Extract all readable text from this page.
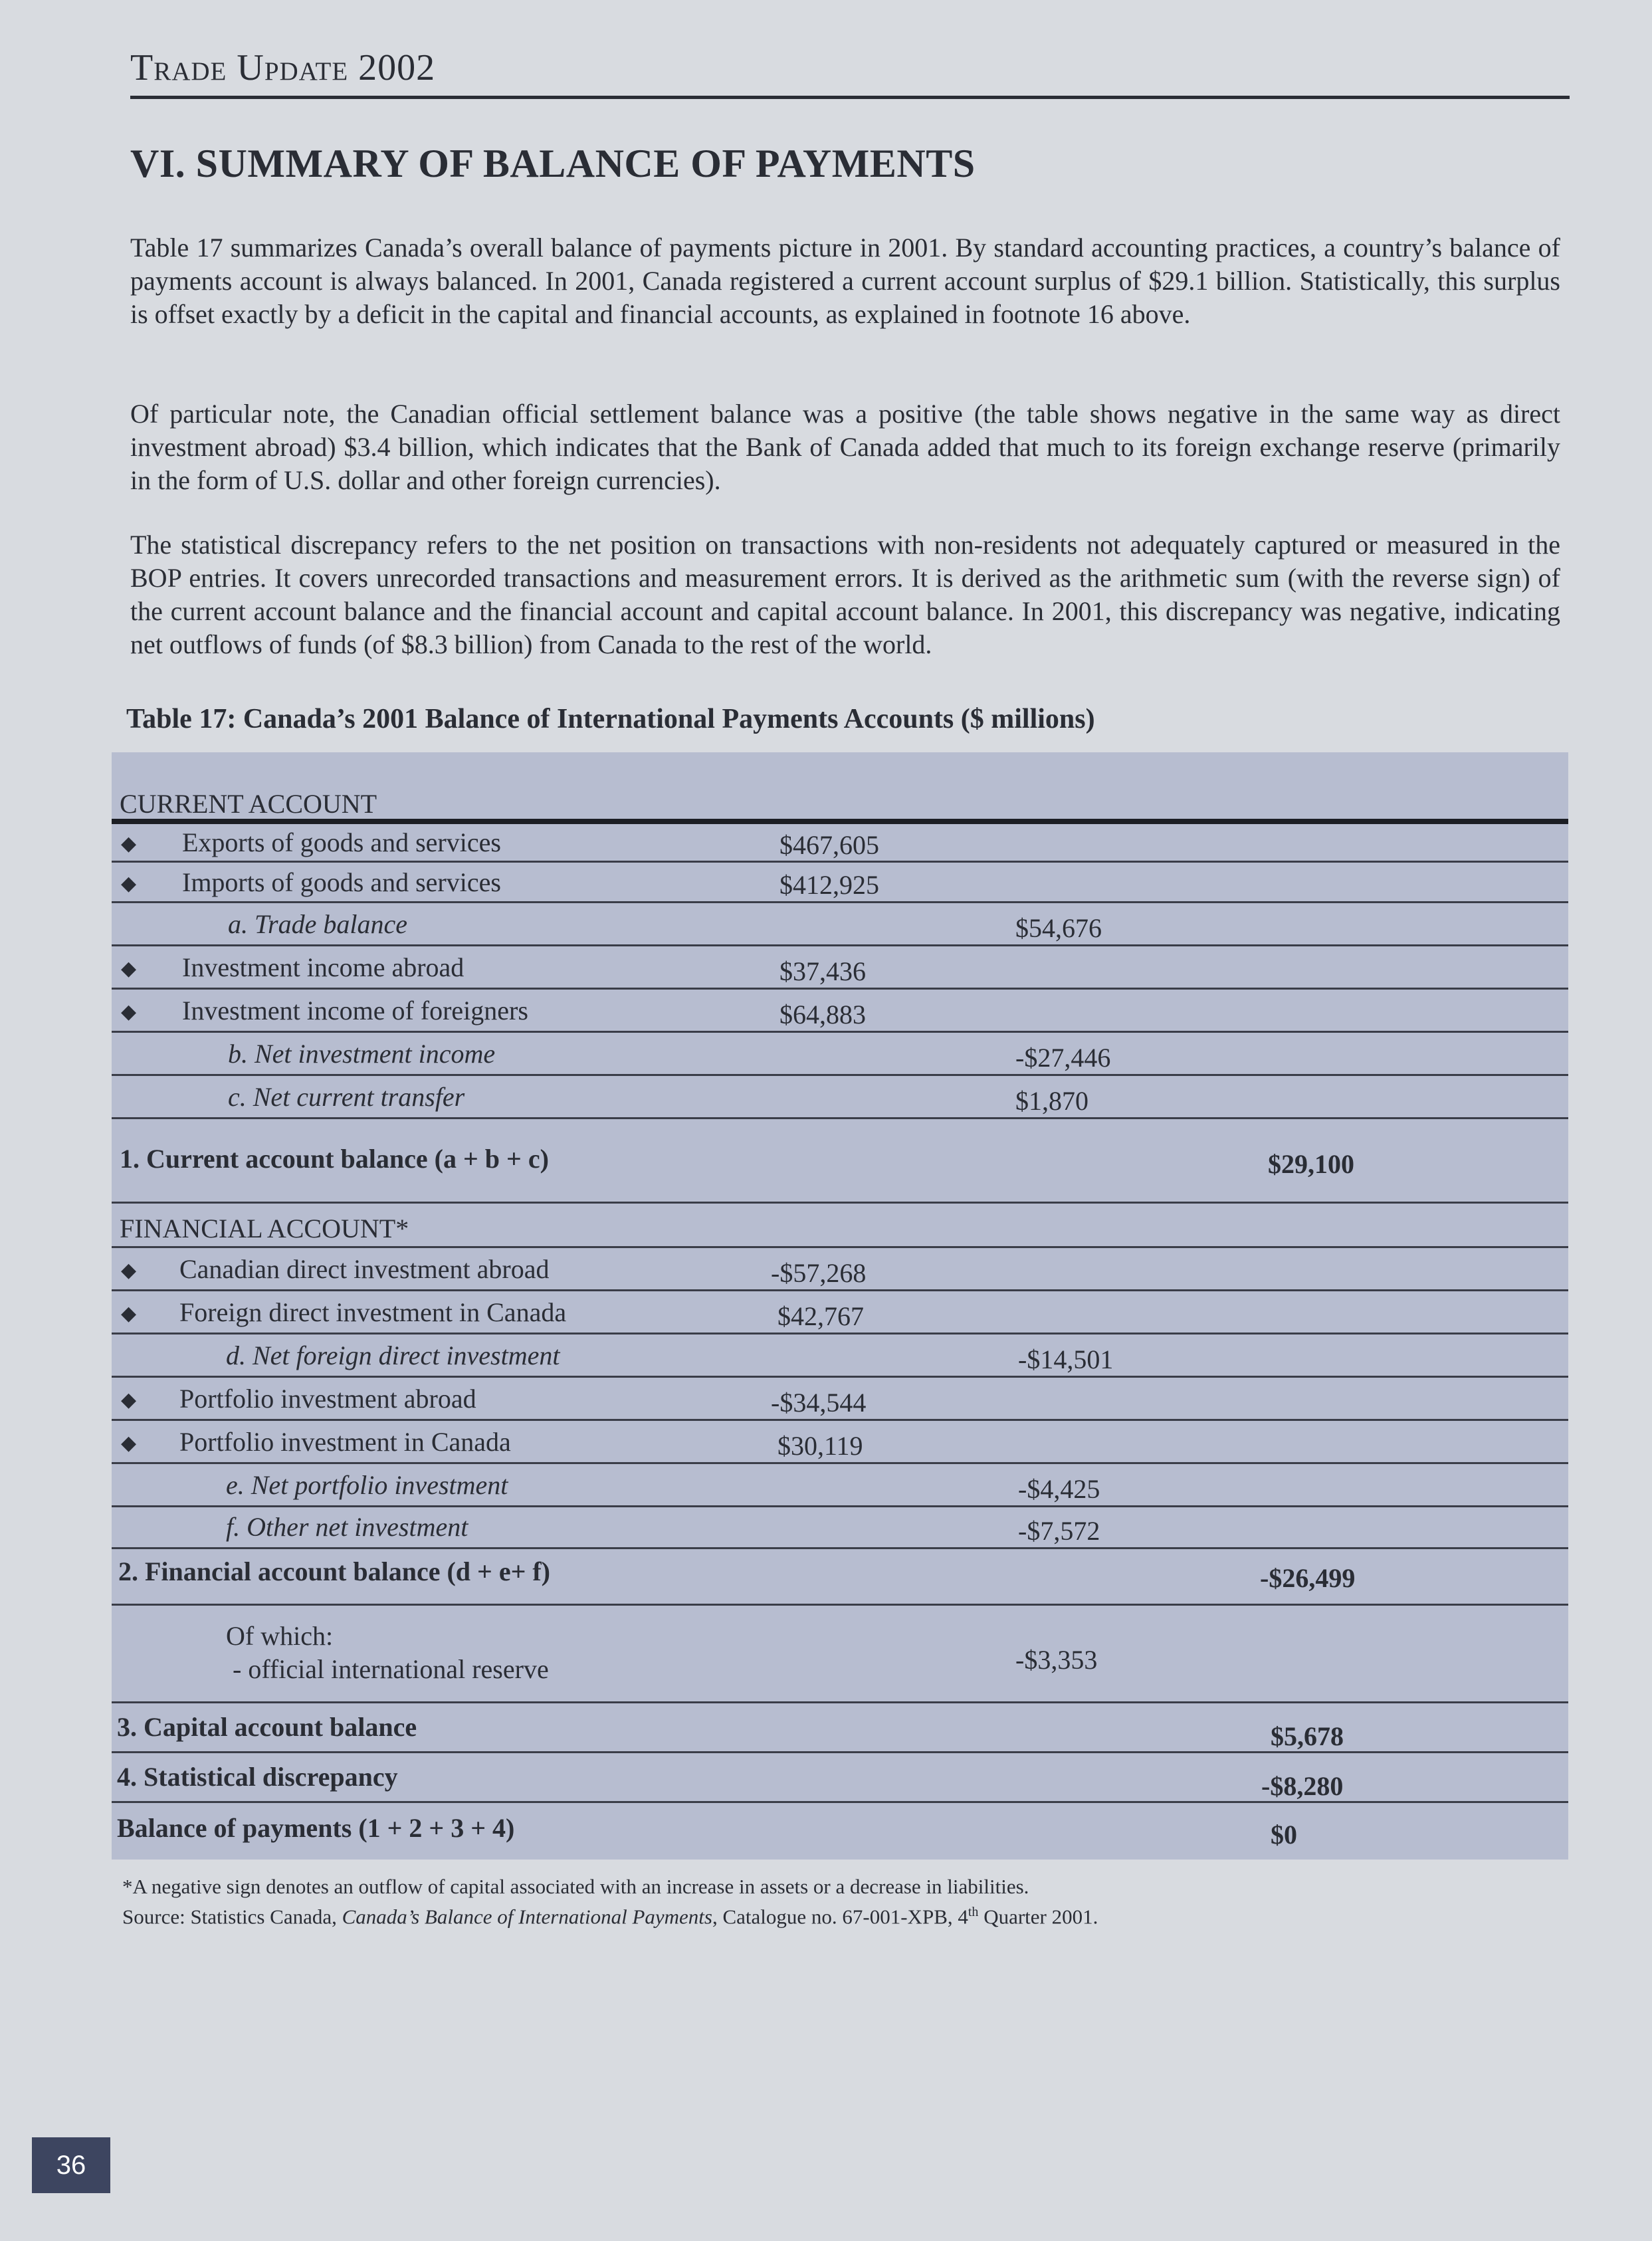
Trade Update 2002
VI. SUMMARY OF BALANCE OF PAYMENTS

Table 17 summarizes Canada’s overall balance of payments picture in 2001. By standard accounting practices, a country’s balance of payments account is always balanced. In 2001, Canada registered a current account surplus of $29.1 billion. Statistically, this surplus is offset exactly by a deficit in the capital and financial accounts, as explained in footnote 16 above.

Of particular note, the Canadian official settlement balance was a positive (the table shows negative in the same way as direct investment abroad) $3.4 billion, which indicates that the Bank of Canada added that much to its foreign exchange reserve (primarily in the form of U.S. dollar and other foreign currencies).

The statistical discrepancy refers to the net position on transactions with non-residents not adequately captured or measured in the BOP entries. It covers unrecorded transactions and measurement errors. It is derived as the arithmetic sum (with the reverse sign) of the current account balance and the financial account and capital account balance. In 2001, this discrepancy was negative, indicating net outflows of funds (of $8.3 billion) from Canada to the rest of the world.

Table 17: Canada’s 2001 Balance of International Payments Accounts ($ millions)
CURRENT ACCOUNT
◆ Exports of goods and services	$467,605
◆ Imports of goods and services	$412,925
a. Trade balance	$54,676
◆ Investment income abroad	$37,436
◆ Investment income of foreigners	$64,883
b. Net investment income	-$27,446
c. Net current transfer	$1,870
1. Current account balance (a + b + c)	$29,100
FINANCIAL ACCOUNT*
◆ Canadian direct investment abroad	-$57,268
◆ Foreign direct investment in Canada	$42,767
d. Net foreign direct investment	-$14,501
◆ Portfolio investment abroad	-$34,544
◆ Portfolio investment in Canada	$30,119
e. Net portfolio investment	-$4,425
f. Other net investment	-$7,572
2. Financial account balance (d + e+ f)	-$26,499
Of which:
- official international reserve	-$3,353
3. Capital account balance	$5,678
4. Statistical discrepancy	-$8,280
Balance of payments (1 + 2 + 3 + 4)	$0
*A negative sign denotes an outflow of capital associated with an increase in assets or a decrease in liabilities.
Source: Statistics Canada, Canada’s Balance of International Payments, Catalogue no. 67-001-XPB, 4th Quarter 2001.
36
